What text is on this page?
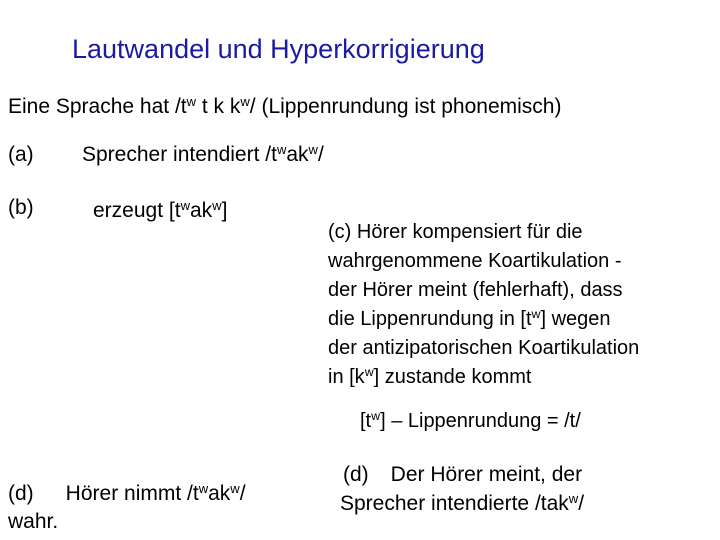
Lautwandel und Hyperkorrigierung
Eine Sprache hat $/t^w$ t k $k^w/$ (Lippenrundung ist phonemisch)
(a) Sprecher intendiert $/t^wak^w/$
(b)	erzeugt $[t^wak^w]$
(c) Hörer kompensiert für die
wahrgenommene Koartikulation -
der Hörer meint (fehlerhaft), dass
die Lippenrundung in $[t^w]$ wegen
der antizipatorischen Koartikulation
in $[k^w]$ zustande kommt
$[t^w]$ – Lippenrundung = /t/
(d) Hörer nimmt $/t^wak^w/$
wahr.
(d) Der Hörer meint, der
Sprecher intendierte /tak$^w$/
